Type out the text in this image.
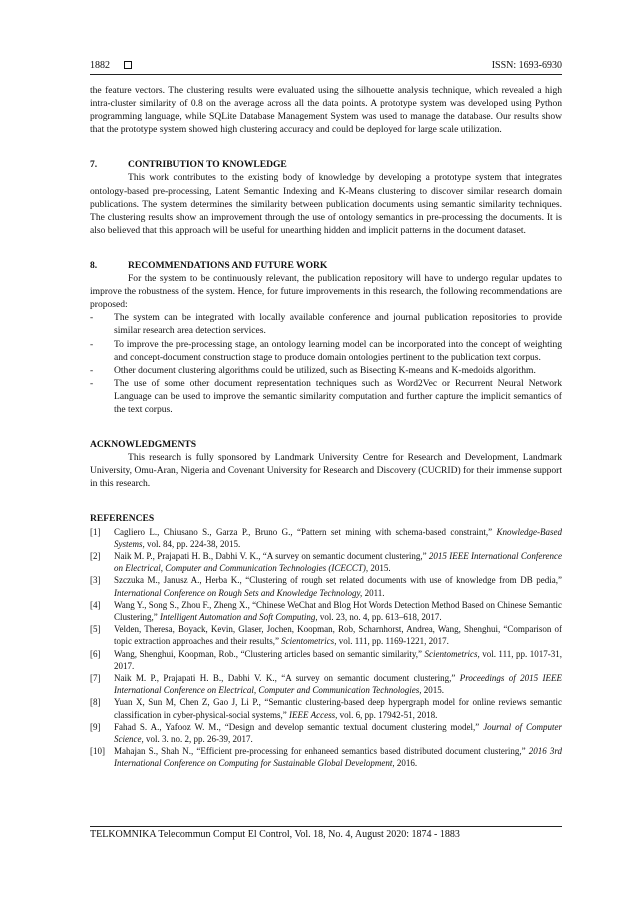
1882	ISSN: 1693-6930

the feature vectors. The clustering results were evaluated using the silhouette analysis technique, which revealed a high intra-cluster similarity of 0.8 on the average across all the data points. A prototype system was developed using Python programming language, while SQLite Database Management System was used to manage the database. Our results show that the prototype system showed high clustering accuracy and could be deployed for large scale utilization.

7.	CONTRIBUTION TO KNOWLEDGE

This work contributes to the existing body of knowledge by developing a prototype system that integrates ontology-based pre-processing, Latent Semantic Indexing and K-Means clustering to discover similar research domain publications. The system determines the similarity between publication documents using semantic similarity techniques. The clustering results show an improvement through the use of ontology semantics in pre-processing the documents. It is also believed that this approach will be useful for unearthing hidden and implicit patterns in the document dataset.

8.	RECOMMENDATIONS AND FUTURE WORK

For the system to be continuously relevant, the publication repository will have to undergo regular updates to improve the robustness of the system. Hence, for future improvements in this research, the following recommendations are proposed:

- The system can be integrated with locally available conference and journal publication repositories to provide similar research area detection services.
- To improve the pre-processing stage, an ontology learning model can be incorporated into the concept of weighting and concept-document construction stage to produce domain ontologies pertinent to the publication text corpus.
- Other document clustering algorithms could be utilized, such as Bisecting K-means and K-medoids algorithm.
- The use of some other document representation techniques such as Word2Vec or Recurrent Neural Network Language can be used to improve the semantic similarity computation and further capture the implicit semantics of the text corpus.
ACKNOWLEDGMENTS

This research is fully sponsored by Landmark University Centre for Research and Development, Landmark University, Omu-Aran, Nigeria and Covenant University for Research and Discovery (CUCRID) for their immense support in this research.

REFERENCES
[1] Cagliero L., Chiusano S., Garza P., Bruno G., “Pattern set mining with schema-based constraint,” Knowledge-Based Systems, vol. 84, pp. 224-38, 2015.
[2] Naik M. P., Prajapati H. B., Dabhi V. K., “A survey on semantic document clustering,” 2015 IEEE International Conference on Electrical, Computer and Communication Technologies (ICECCT), 2015.
[3] Szczuka M., Janusz A., Herba K., “Clustering of rough set related documents with use of knowledge from DB pedia,” International Conference on Rough Sets and Knowledge Technology, 2011.
[4] Wang Y., Song S., Zhou F., Zheng X., “Chinese WeChat and Blog Hot Words Detection Method Based on Chinese Semantic Clustering,” Intelligent Automation and Soft Computing, vol. 23, no. 4, pp. 613–618, 2017.
[5] Velden, Theresa, Boyack, Kevin, Glaser, Jochen, Koopman, Rob, Scharnhorst, Andrea, Wang, Shenghui, “Comparison of topic extraction approaches and their results,” Scientometrics, vol. 111, pp. 1169-1221, 2017.
[6] Wang, Shenghui, Koopman, Rob., “Clustering articles based on semantic similarity,” Scientometrics, vol. 111, pp. 1017-31, 2017.
[7] Naik M. P., Prajapati H. B., Dabhi V. K., “A survey on semantic document clustering,” Proceedings of 2015 IEEE International Conference on Electrical, Computer and Communication Technologies, 2015.
[8] Yuan X, Sun M, Chen Z, Gao J, Li P., “Semantic clustering-based deep hypergraph model for online reviews semantic classification in cyber-physical-social systems,” IEEE Access, vol. 6, pp. 17942-51, 2018.
[9] Fahad S. A., Yafooz W. M., “Design and develop semantic textual document clustering model,” Journal of Computer Science, vol. 3. no. 2, pp. 26-39, 2017.
[10] Mahajan S., Shah N., “Efficient pre-processing for enhaneed semantics based distributed document clustering,” 2016 3rd International Conference on Computing for Sustainable Global Development, 2016.
TELKOMNIKA Telecommun Comput El Control, Vol. 18, No. 4, August 2020: 1874 - 1883
